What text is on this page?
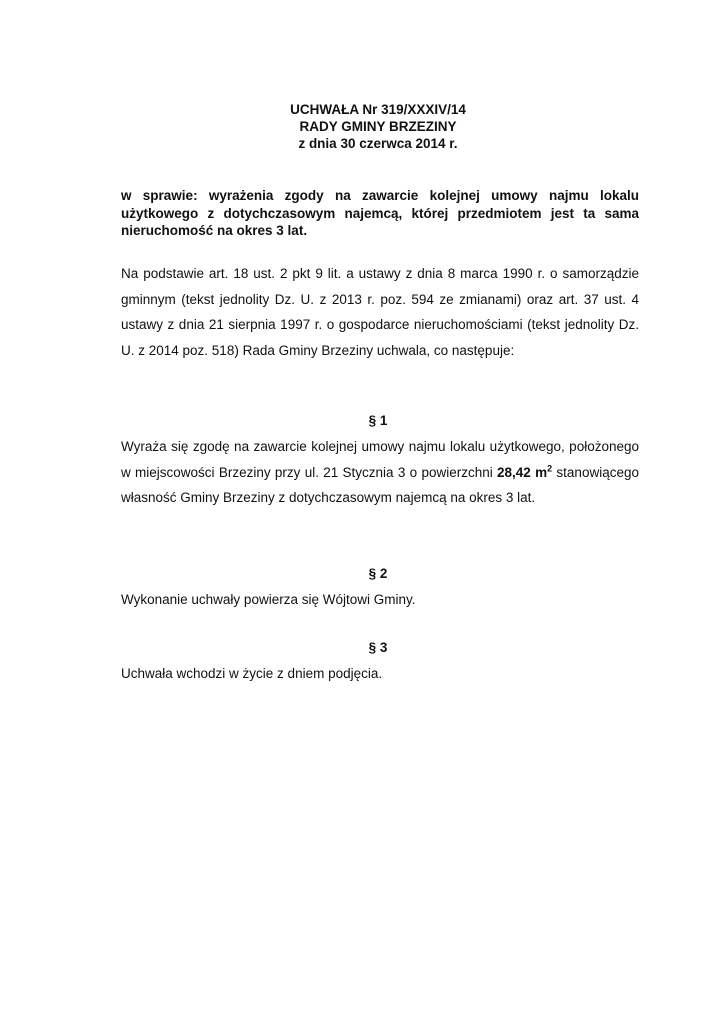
UCHWAŁA Nr 319/XXXIV/14
RADY GMINY BRZEZINY
z dnia 30 czerwca 2014 r.
w sprawie: wyrażenia zgody na zawarcie kolejnej umowy najmu lokalu użytkowego z dotychczasowym najemcą, której przedmiotem jest ta sama nieruchomość na okres 3 lat.
Na podstawie art. 18 ust. 2 pkt 9 lit. a ustawy z dnia 8 marca 1990 r. o samorządzie gminnym (tekst jednolity Dz. U. z 2013 r. poz. 594 ze zmianami) oraz art. 37 ust. 4 ustawy z dnia 21 sierpnia 1997 r. o gospodarce nieruchomościami (tekst jednolity Dz. U. z 2014 poz. 518) Rada Gminy Brzeziny uchwala, co następuje:
§ 1
Wyraża się zgodę na zawarcie kolejnej umowy najmu lokalu użytkowego, położonego w miejscowości Brzeziny przy ul. 21 Stycznia 3 o powierzchni 28,42 $m^2$ stanowiącego własność Gminy Brzeziny z dotychczasowym najemcą na okres 3 lat.
§ 2
Wykonanie uchwały powierza się Wójtowi Gminy.
§ 3
Uchwała wchodzi w życie z dniem podjęcia.
